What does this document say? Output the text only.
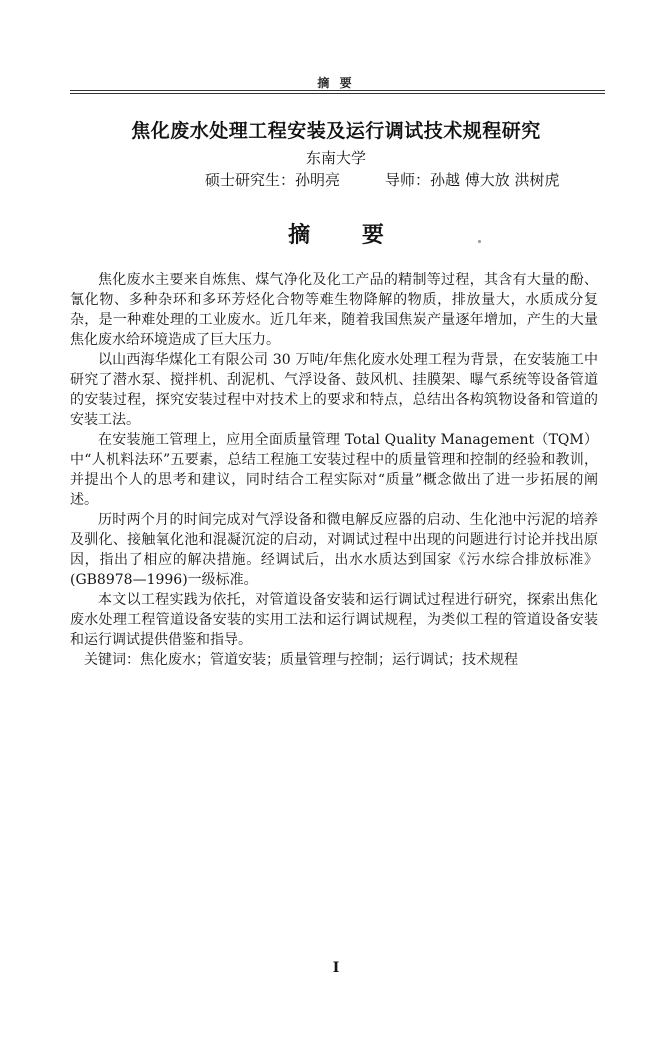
摘 要

焦化废水处理工程安装及运行调试技术规程研究

东南大学

硕士研究生：孙明亮	导师：孙越 傅大放 洪树虎

摘 要

焦化废水主要来自炼焦、煤气净化及化工产品的精制等过程，其含有大量的酚、氰化物、多种杂环和多环芳烃化合物等难生物降解的物质，排放量大，水质成分复杂，是一种难处理的工业废水。近几年来，随着我国焦炭产量逐年增加，产生的大量焦化废水给环境造成了巨大压力。

以山西海华煤化工有限公司 30 万吨/年焦化废水处理工程为背景，在安装施工中研究了潜水泵、搅拌机、刮泥机、气浮设备、鼓风机、挂膜架、曝气系统等设备管道的安装过程，探究安装过程中对技术上的要求和特点，总结出各构筑物设备和管道的安装工法。

在安装施工管理上，应用全面质量管理 Total Quality Management（TQM）中“人机料法环”五要素，总结工程施工安装过程中的质量管理和控制的经验和教训，并提出个人的思考和建议，同时结合工程实际对“质量”概念做出了进一步拓展的阐述。

历时两个月的时间完成对气浮设备和微电解反应器的启动、生化池中污泥的培养及驯化、接触氧化池和混凝沉淀的启动，对调试过程中出现的问题进行讨论并找出原因，指出了相应的解决措施。经调试后，出水水质达到国家《污水综合排放标准》(GB8978—1996)一级标准。

本文以工程实践为依托，对管道设备安装和运行调试过程进行研究，探索出焦化废水处理工程管道设备安装的实用工法和运行调试规程，为类似工程的管道设备安装和运行调试提供借鉴和指导。

关键词：焦化废水；管道安装；质量管理与控制；运行调试；技术规程

I
